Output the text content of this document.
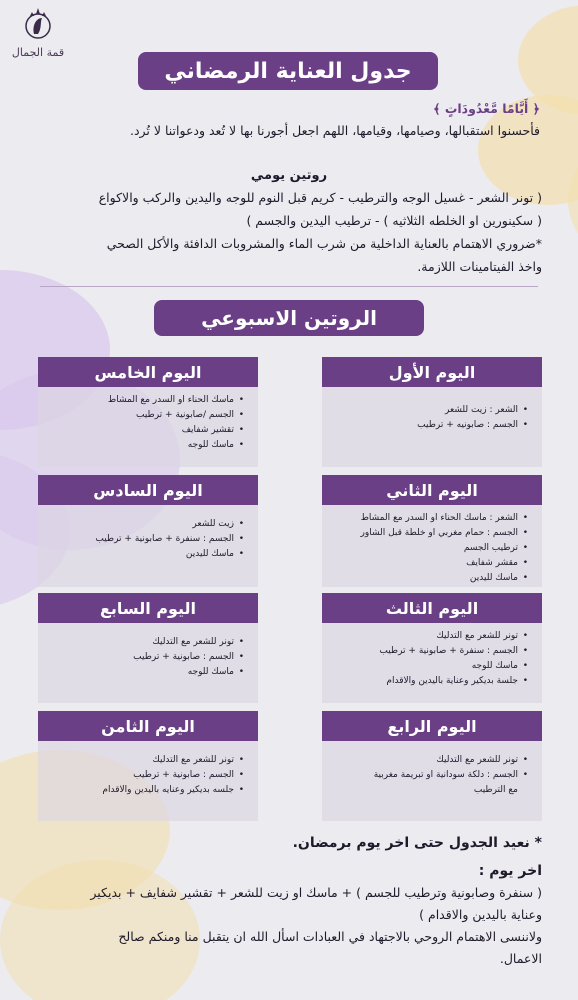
قمة الجمال
جدول العناية الرمضاني
﴿ أَيَّامًا مَّعْدُودَاتٍ ﴾
فأحسنوا استقبالها، وصيامها، وقيامها، اللهم اجعل أجورنا بها لا تُعد ودعواتنا لا تُرد.
روتين يومي
( تونر الشعر - غسيل الوجه والترطيب - كريم قبل النوم للوجه واليدين والركب والاكواع
( سكينورين او الخلطه الثلاثيه ) - ترطيب اليدين والجسم )
*ضروري الاهتمام بالعناية الداخلية من شرب الماء والمشروبات الدافئة والأكل الصحي
واخذ الفيتامينات اللازمة.
الروتين الاسبوعي
اليوم الأول
• الشعر : زيت للشعر
• الجسم : صابونيه + ترطيب
اليوم الخامس
• ماسك الحناء او السدر مع المشاط
• الجسم /صابونية + ترطيب
• تقشير شفايف
• ماسك للوجه
اليوم الثاني
• الشعر : ماسك الحناء او السدر مع المشاط
• الجسم : حمام مغربي او خلطة قبل الشاور
• ترطيب الجسم
• مقشر شفايف
• ماسك لليدين
اليوم السادس
• زيت للشعر
• الجسم : سنفرة + صابونية + ترطيب
• ماسك لليدين
اليوم الثالث
• تونر للشعر مع التدليك
• الجسم : سنفرة + صابونية + ترطيب
• ماسك للوجه
• جلسة بديكير وعناية باليدين والاقدام
اليوم السابع
• تونر للشعر مع التدليك
• الجسم : صابونية + ترطيب
• ماسك للوجه
اليوم الرابع
• تونر للشعر مع التدليك
• الجسم : دلكة سودانية او تبريمة مغربية
مع الترطيب
اليوم الثامن
• تونر للشعر مع التدليك
• الجسم : صابونية + ترطيب
• جلسه بديكير وعنايه باليدين والاقدام
* نعيد الجدول حتى اخر يوم برمضان.
اخر يوم :
( سنفرة وصابونية وترطيب للجسم ) + ماسك او زيت للشعر + تقشير شفايف + بديكير
وعناية باليدين والاقدام )
ولاننسى الاهتمام الروحي بالاجتهاد في العبادات اسأل الله ان يتقبل منا ومنكم صالح
الاعمال.
